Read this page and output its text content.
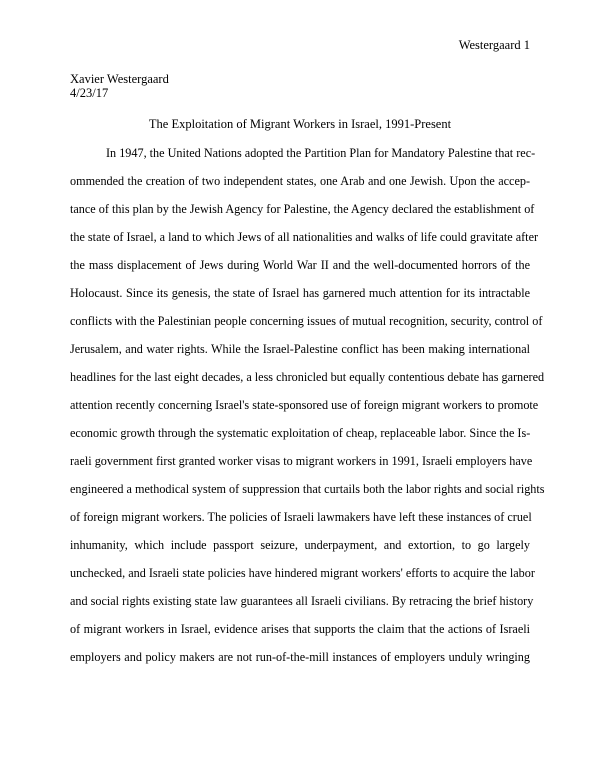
Westergaard 1
Xavier Westergaard
4/23/17
The Exploitation of Migrant Workers in Israel, 1991-Present
In 1947, the United Nations adopted the Partition Plan for Mandatory Palestine that rec-
ommended the creation of two independent states, one Arab and one Jewish. Upon the accep-
tance of this plan by the Jewish Agency for Palestine, the Agency declared the establishment of
the state of Israel, a land to which Jews of all nationalities and walks of life could gravitate after
the mass displacement of Jews during World War II and the well-documented horrors of the
Holocaust. Since its genesis, the state of Israel has garnered much attention for its intractable
conflicts with the Palestinian people concerning issues of mutual recognition, security, control of
Jerusalem, and water rights. While the Israel-Palestine conflict has been making international
headlines for the last eight decades, a less chronicled but equally contentious debate has garnered
attention recently concerning Israel's state-sponsored use of foreign migrant workers to promote
economic growth through the systematic exploitation of cheap, replaceable labor. Since the Is-
raeli government first granted worker visas to migrant workers in 1991, Israeli employers have
engineered a methodical system of suppression that curtails both the labor rights and social rights
of foreign migrant workers. The policies of Israeli lawmakers have left these instances of cruel
inhumanity, which include passport seizure, underpayment, and extortion, to go largely
unchecked, and Israeli state policies have hindered migrant workers' efforts to acquire the labor
and social rights existing state law guarantees all Israeli civilians. By retracing the brief history
of migrant workers in Israel, evidence arises that supports the claim that the actions of Israeli
employers and policy makers are not run-of-the-mill instances of employers unduly wringing
